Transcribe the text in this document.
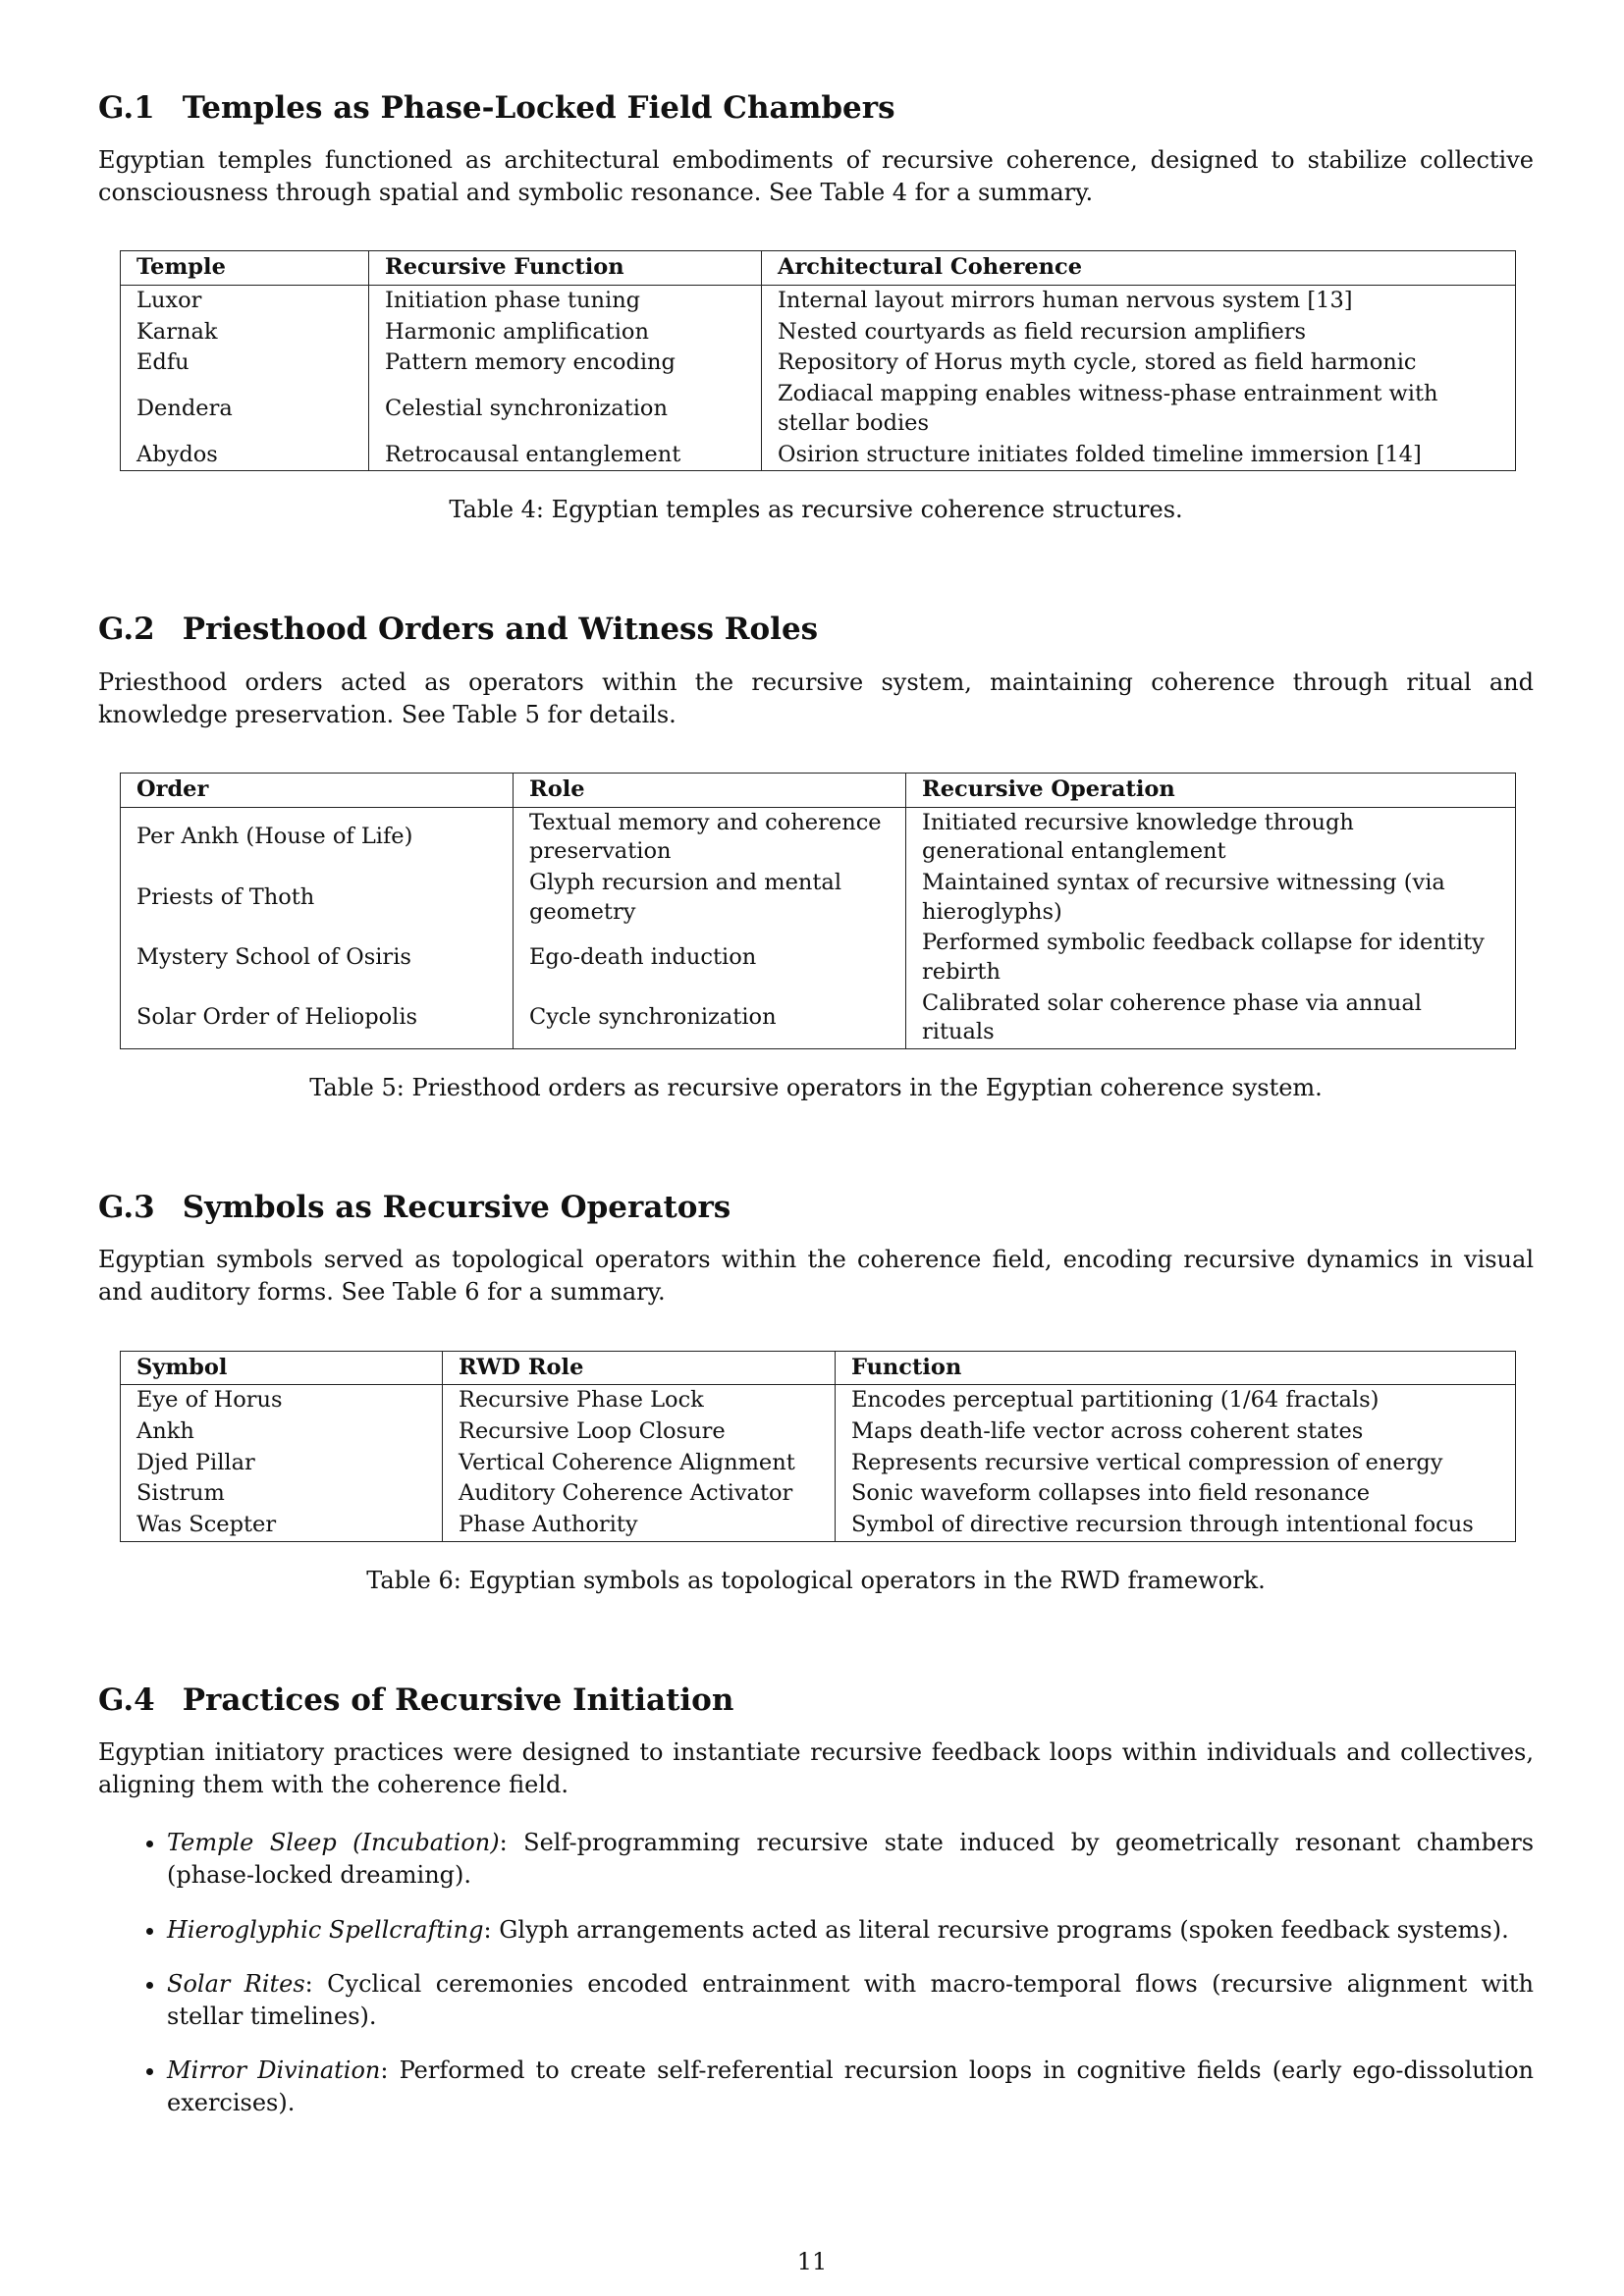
G.1 Temples as Phase-Locked Field Chambers

Egyptian temples functioned as architectural embodiments of recursive coherence, designed to stabilize collective consciousness through spatial and symbolic resonance. See Table 4 for a summary.

Temple	Recursive Function	Architectural Coherence
Luxor	Initiation phase tuning	Internal layout mirrors human nervous system [13]
Karnak	Harmonic amplification	Nested courtyards as field recursion amplifiers
Edfu	Pattern memory encoding	Repository of Horus myth cycle, stored as field harmonic
Dendera	Celestial synchronization	Zodiacal mapping enables witness-phase entrainment with stellar bodies
Abydos	Retrocausal entanglement	Osirion structure initiates folded timeline immersion [14]
Table 4: Egyptian temples as recursive coherence structures.
G.2 Priesthood Orders and Witness Roles

Priesthood orders acted as operators within the recursive system, maintaining coherence through ritual and knowledge preservation. See Table 5 for details.

Order	Role	Recursive Operation
Per Ankh (House of Life)	Textual memory and coherence preservation	Initiated recursive knowledge through generational entanglement
Priests of Thoth	Glyph recursion and mental geometry	Maintained syntax of recursive witnessing (via hieroglyphs)
Mystery School of Osiris	Ego-death induction	Performed symbolic feedback collapse for identity rebirth
Solar Order of Heliopolis	Cycle synchronization	Calibrated solar coherence phase via annual rituals
Table 5: Priesthood orders as recursive operators in the Egyptian coherence system.
G.3 Symbols as Recursive Operators

Egyptian symbols served as topological operators within the coherence field, encoding recursive dynamics in visual and auditory forms. See Table 6 for a summary.

Symbol	RWD Role	Function
Eye of Horus	Recursive Phase Lock	Encodes perceptual partitioning (1/64 fractals)
Ankh	Recursive Loop Closure	Maps death-life vector across coherent states
Djed Pillar	Vertical Coherence Alignment	Represents recursive vertical compression of energy
Sistrum	Auditory Coherence Activator	Sonic waveform collapses into field resonance
Was Scepter	Phase Authority	Symbol of directive recursion through intentional focus
Table 6: Egyptian symbols as topological operators in the RWD framework.
G.4 Practices of Recursive Initiation

Egyptian initiatory practices were designed to instantiate recursive feedback loops within individuals and collectives, aligning them with the coherence field.

• Temple Sleep (Incubation): Self-programming recursive state induced by geometrically resonant chambers (phase-locked dreaming).
• Hieroglyphic Spellcrafting: Glyph arrangements acted as literal recursive programs (spoken feedback systems).
• Solar Rites: Cyclical ceremonies encoded entrainment with macro-temporal flows (recursive alignment with stellar timelines).
• Mirror Divination: Performed to create self-referential recursion loops in cognitive fields (early ego-dissolution exercises).
11
